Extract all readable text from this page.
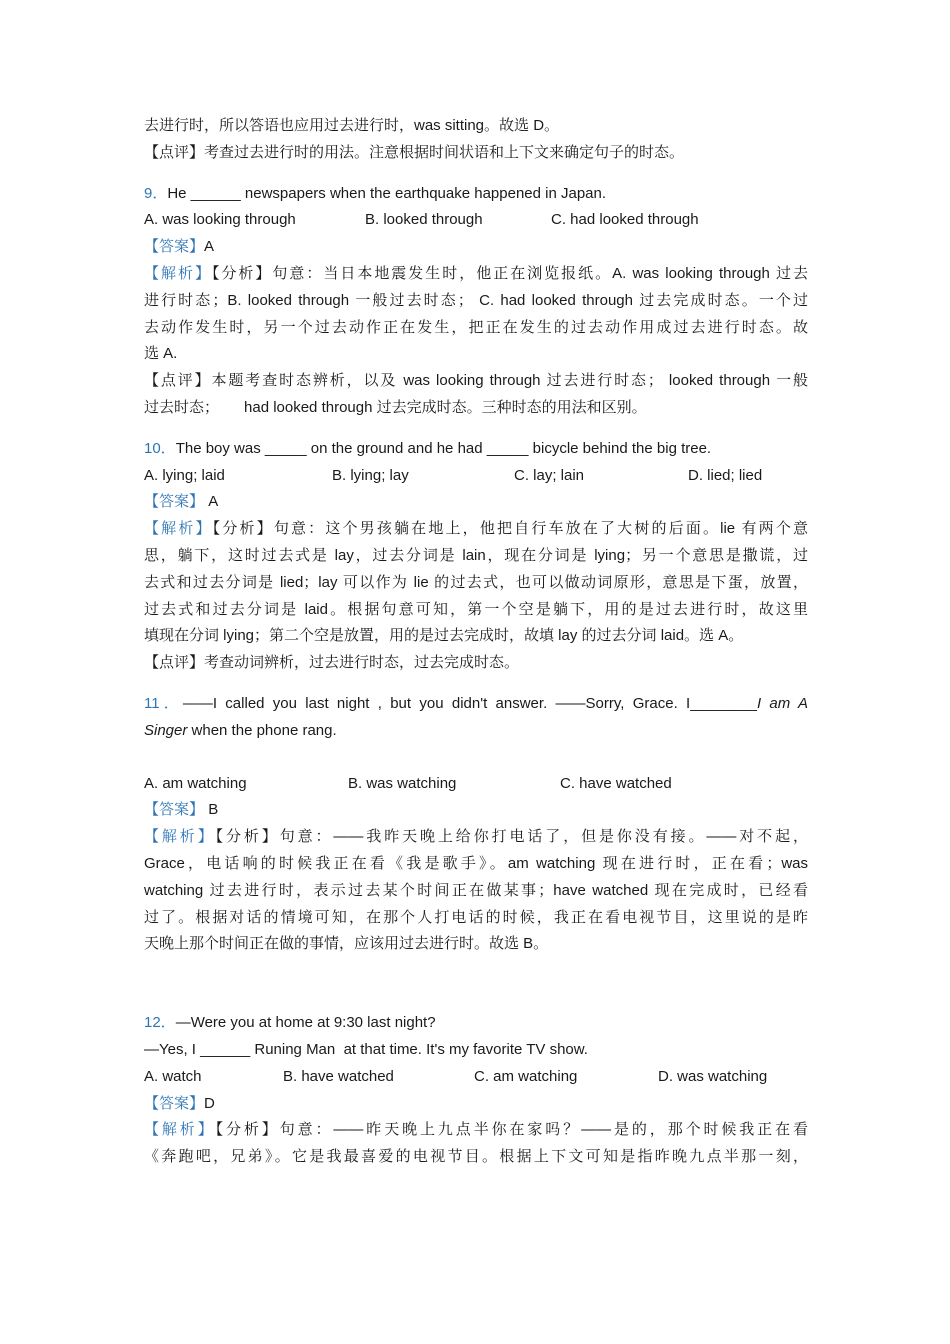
去进行时，所以答语也应用过去进行时，was sitting。故选 D。
【点评】考查过去进行时的用法。注意根据时间状语和上下文来确定句子的时态。
9．He ______ newspapers when the earthquake happened in Japan.
A. was looking through	B. looked through	C. had looked through
【答案】A
【解析】【分析】句意：当日本地震发生时，他正在浏览报纸。A. was looking through 过去
进行时态；B. looked through 一般过去时态； C. had looked through 过去完成时态。一个过
去动作发生时，另一个过去动作正在发生，把正在发生的过去动作用成过去进行时态。故
选 A.
【点评】本题考查时态辨析，以及 was looking through 过去进行时态； looked through 一般
过去时态；      had looked through 过去完成时态。三种时态的用法和区别。
10．The boy was _____ on the ground and he had _____ bicycle behind the big tree.
A. lying; laid	B. lying; lay	C. lay; lain	D. lied; lied
【答案】 A
【解析】【分析】句意：这个男孩躺在地上，他把自行车放在了大树的后面。lie 有两个意
思，躺下，这时过去式是 lay，过去分词是 lain，现在分词是 lying；另一个意思是撒谎，过
去式和过去分词是 lied；lay 可以作为 lie 的过去式，也可以做动词原形，意思是下蛋，放置，
过去式和过去分词是 laid。根据句意可知，第一个空是躺下，用的是过去进行时，故这里
填现在分词 lying；第二个空是放置，用的是过去完成时，故填 lay 的过去分词 laid。选 A。
【点评】考查动词辨析，过去进行时态，过去完成时态。
11．——I called you last night , but you didn't answer. ——Sorry, Grace. I________I am A
Singer when the phone rang.
A. am watching	B. was watching	C. have watched
【答案】 B
【解析】【分析】句意：——我昨天晚上给你打电话了，但是你没有接。——对不起，
Grace，电话响的时候我正在看《我是歌手》。am watching 现在进行时，正在看；was
watching 过去进行时，表示过去某个时间正在做某事；have watched 现在完成时，已经看
过了。根据对话的情境可知，在那个人打电话的时候，我正在看电视节目，这里说的是昨
天晚上那个时间正在做的事情，应该用过去进行时。故选 B。
12．—Were you at home at 9:30 last night?
—Yes, I ______ Runing Man  at that time. It's my favorite TV show.
A. watch	B. have watched	C. am watching	D. was watching
【答案】D
【解析】【分析】句意：——昨天晚上九点半你在家吗？——是的，那个时候我正在看
《奔跑吧，兄弟》。它是我最喜爱的电视节目。根据上下文可知是指昨晚九点半那一刻，
